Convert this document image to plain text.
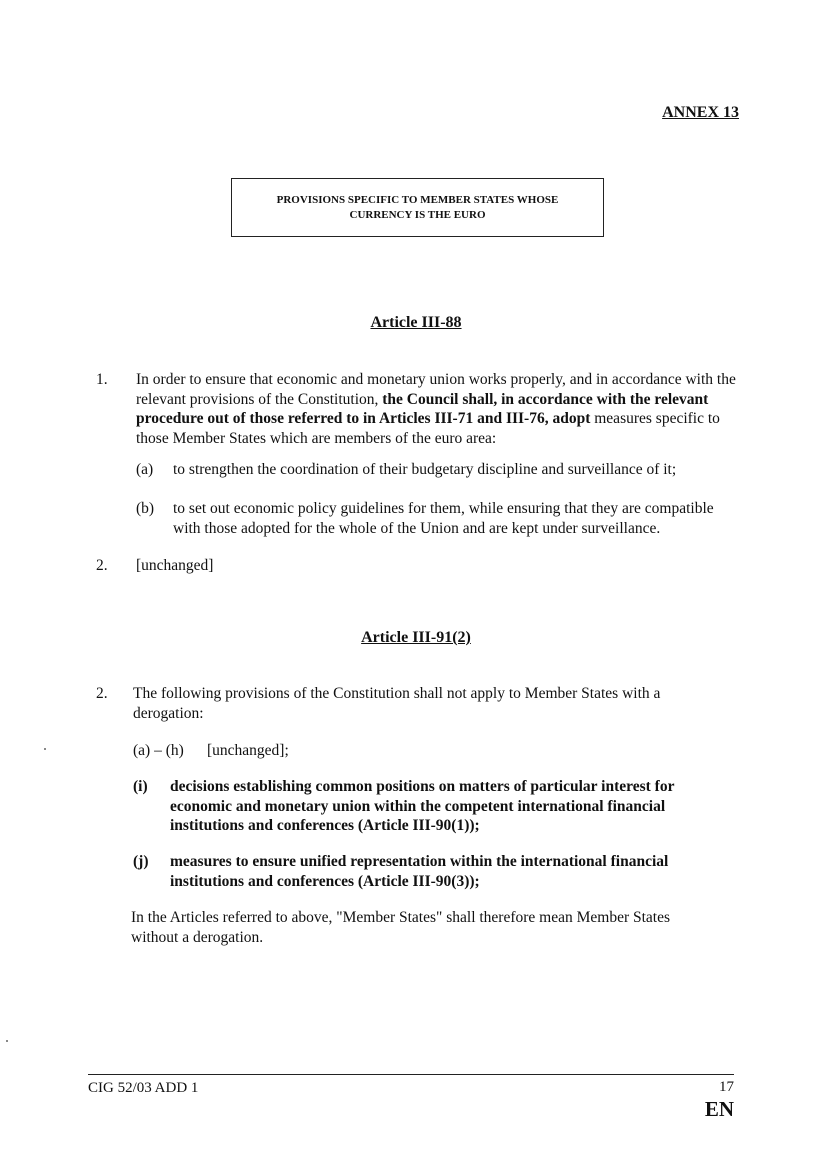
ANNEX 13
PROVISIONS SPECIFIC TO MEMBER STATES WHOSE CURRENCY IS THE EURO
Article III-88
1. In order to ensure that economic and monetary union works properly, and in accordance with the relevant provisions of the Constitution, the Council shall, in accordance with the relevant procedure out of those referred to in Articles III-71 and III-76, adopt measures specific to those Member States which are members of the euro area:
(a) to strengthen the coordination of their budgetary discipline and surveillance of it;
(b) to set out economic policy guidelines for them, while ensuring that they are compatible with those adopted for the whole of the Union and are kept under surveillance.
2. [unchanged]
Article III-91(2)
2. The following provisions of the Constitution shall not apply to Member States with a derogation:
(a) – (h) [unchanged];
(i) decisions establishing common positions on matters of particular interest for economic and monetary union within the competent international financial institutions and conferences (Article III-90(1));
(j) measures to ensure unified representation within the international financial institutions and conferences (Article III-90(3));
In the Articles referred to above, "Member States" shall therefore mean Member States without a derogation.
CIG 52/03 ADD 1	17
EN
